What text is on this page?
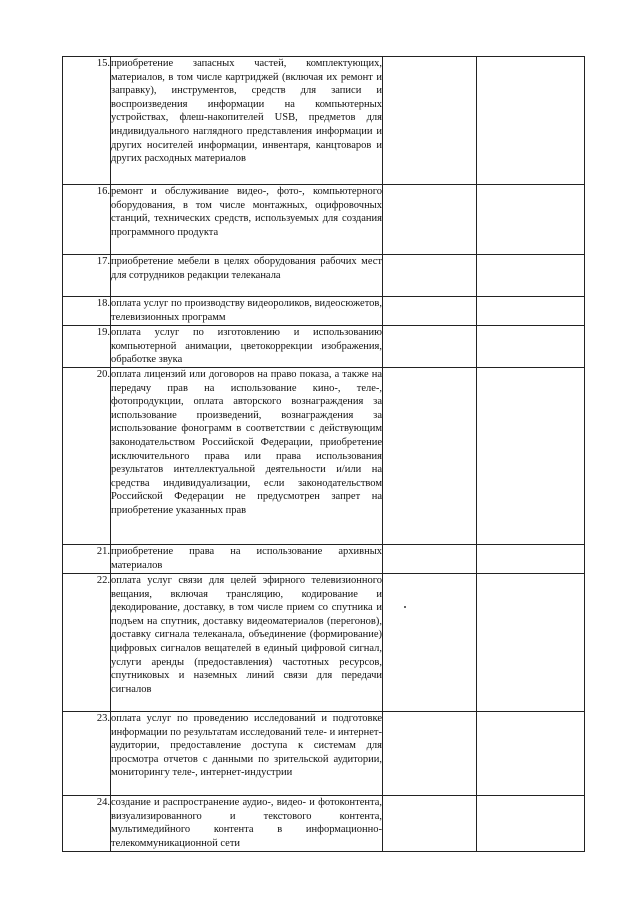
15.	приобретение запасных частей, комплектующих, материалов, в том числе картриджей (включая их ремонт и заправку), инструментов, средств для записи и воспроизведения информации на компьютерных устройствах, флеш-накопителей USB, предметов для индивидуального наглядного представления информации и других носителей информации, инвентаря, канцтоваров и других расходных материалов		
16.	ремонт и обслуживание видео-, фото-, компьютерного оборудования, в том числе монтажных, оцифровочных станций, технических средств, используемых для создания программного продукта		
17.	приобретение мебели в целях оборудования рабочих мест для сотрудников редакции телеканала		
18.	оплата услуг по производству видеороликов, видеосюжетов, телевизионных программ		
19.	оплата услуг по изготовлению и использованию компьютерной анимации, цветокоррекции изображения, обработке звука		
20.	оплата лицензий или договоров на право показа, а также на передачу прав на использование кино-, теле-, фотопродукции, оплата авторского вознаграждения за использование произведений, вознаграждения за использование фонограмм в соответствии с действующим законодательством Российской Федерации, приобретение исключительного права или права использования результатов интеллектуальной деятельности и/или на средства индивидуализации, если законодательством Российской Федерации не предусмотрен запрет на приобретение указанных прав		
21.	приобретение права на использование архивных материалов		
22.	оплата услуг связи для целей эфирного телевизионного вещания, включая трансляцию, кодирование и декодирование, доставку, в том числе прием со спутника и подъем на спутник, доставку видеоматериалов (перегонов), доставку сигнала телеканала, объединение (формирование) цифровых сигналов вещателей в единый цифровой сигнал, услуги аренды (предоставления) частотных ресурсов, спутниковых и наземных линий связи для передачи сигналов		
23.	оплата услуг по проведению исследований и подготовке информации по результатам исследований теле- и интернет-аудитории, предоставление доступа к системам для просмотра отчетов с данными по зрительской аудитории, мониторингу теле-, интернет-индустрии		
24.	создание и распространение аудио-, видео- и фотоконтента, визуализированного и текстового контента, мультимедийного контента в информационно-телекоммуникационной сети		
